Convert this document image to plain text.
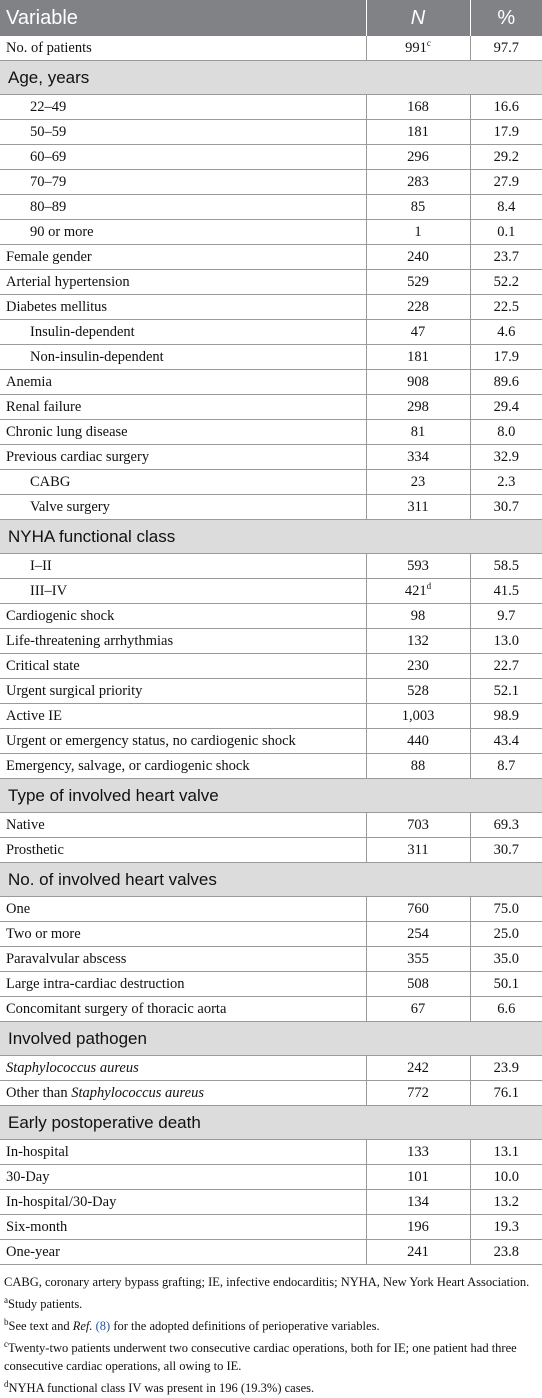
Variable	N	%
No. of patients	991$^c$	97.7
Age, years		
22–49	168	16.6
50–59	181	17.9
60–69	296	29.2
70–79	283	27.9
80–89	85	8.4
90 or more	1	0.1
Female gender	240	23.7
Arterial hypertension	529	52.2
Diabetes mellitus	228	22.5
Insulin-dependent	47	4.6
Non-insulin-dependent	181	17.9
Anemia	908	89.6
Renal failure	298	29.4
Chronic lung disease	81	8.0
Previous cardiac surgery	334	32.9
CABG	23	2.3
Valve surgery	311	30.7
NYHA functional class		
I–II	593	58.5
III–IV	421$^d$	41.5
Cardiogenic shock	98	9.7
Life-threatening arrhythmias	132	13.0
Critical state	230	22.7
Urgent surgical priority	528	52.1
Active IE	1,003	98.9
Urgent or emergency status, no cardiogenic shock	440	43.4
Emergency, salvage, or cardiogenic shock	88	8.7
Type of involved heart valve		
Native	703	69.3
Prosthetic	311	30.7
No. of involved heart valves		
One	760	75.0
Two or more	254	25.0
Paravalvular abscess	355	35.0
Large intra-cardiac destruction	508	50.1
Concomitant surgery of thoracic aorta	67	6.6
Involved pathogen		
Staphylococcus aureus	242	23.9
Other than Staphylococcus aureus	772	76.1
Early postoperative death		
In-hospital	133	13.1
30-Day	101	10.0
In-hospital/30-Day	134	13.2
Six-month	196	19.3
One-year	241	23.8

CABG, coronary artery bypass grafting; IE, infective endocarditis; NYHA, New York Heart Association.

$^a$Study patients.

$^b$See text and Ref. (8) for the adopted definitions of perioperative variables.

$^c$Twenty-two patients underwent two consecutive cardiac operations, both for IE; one patient had three consecutive cardiac operations, all owing to IE.

$^d$NYHA functional class IV was present in 196 (19.3%) cases.
